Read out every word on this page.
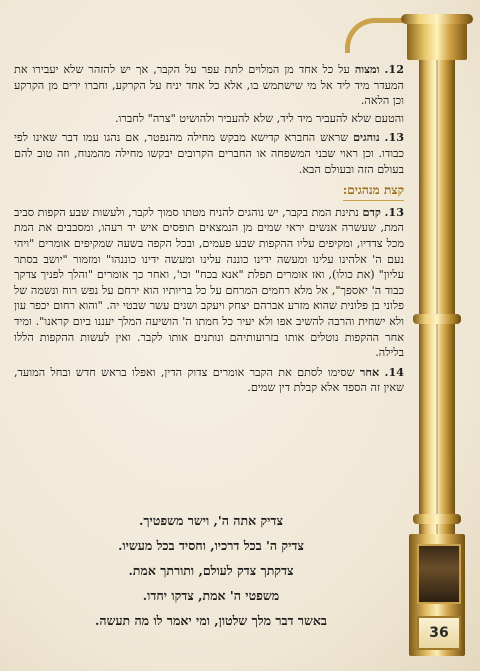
36

12. ומצוה על כל אחד מן המלוים לתת עפר על הקבר, אך יש להזהר שלא יעבירו את המעדר מיד ליד אל מי שישתמש בו, אלא כל אחד יניח על הקרקע, וחברו ירים מן הקרקע וכן הלאה.

והטעם שלא להעביר מיד ליד, שלא להעביר ולהושיט "צרה" לחברו.

13. נוהגים שראש החברא קדישא מבקש מחילה מהנפטר, אם נהגו עמו דבר שאינו לפי כבודו. וכן ראוי שבני המשפחה או החברים הקרובים יבקשו מחילה מהמנוח, וזה טוב להם בעולם הזה ובעולם הבא.

קצת מנהגים:

13. קדם נתינת המת בקבר, יש נוהגים להניח מטתו סמוך לקבר, ולעשות שבע הקפות סביב המת, שעשרה אנשים יראי שמים מן הנמצאים תופסים איש יד רעהו, ומסבבים את המת מכל צדדיו, ומקיפים עליו ההקפות שבע פעמים, ובכל הקפה בשעה שמקיפים אומרים "ויהי נעם ה' אלהינו עלינו ומעשה ידינו כוננה עלינו ומעשה ידינו כוננהו" ומזמור "יושב בסתר עליון" (את כולו), ואז אומרים תפלת "אנא בכח" וכו', ואחר כך אומרים "והלך לפניך צדקך כבוד ה' יאספך", אל מלא רחמים המרחם על כל בריותיו הוא ירחם על נפש רוח ונשמה של פלוני בן פלונית שהוא מזרע אברהם יצחק ויעקב ושנים עשר שבטי יה. "והוא רחום יכפר עון ולא ישחית והרבה להשיב אפו ולא יעיר כל חמתו ה' הושיעה המלך יעננו ביום קראנו". ומיד אחר ההקפות נוטלים אותו בזרועותיהם ונותנים אותו לקבר. ואין לעשות ההקפות הללו בלילה.

14. אחר שסימו לסתם את הקבר אומרים צדוק הדין, ואפלו בראש חדש ובחל המועד, שאין זה הספד אלא קבלת דין שמים.

צדיק אתה ה', וישר משפטיך.
צדיק ה' בכל דרכיו, וחסיד בכל מעשיו.
צדקתך צדק לעולם, ותורתך אמת.
משפטי ה' אמת, צדקו יחדו.
באשר דבר מלך שלטון, ומי יאמר לו מה תעשה.
